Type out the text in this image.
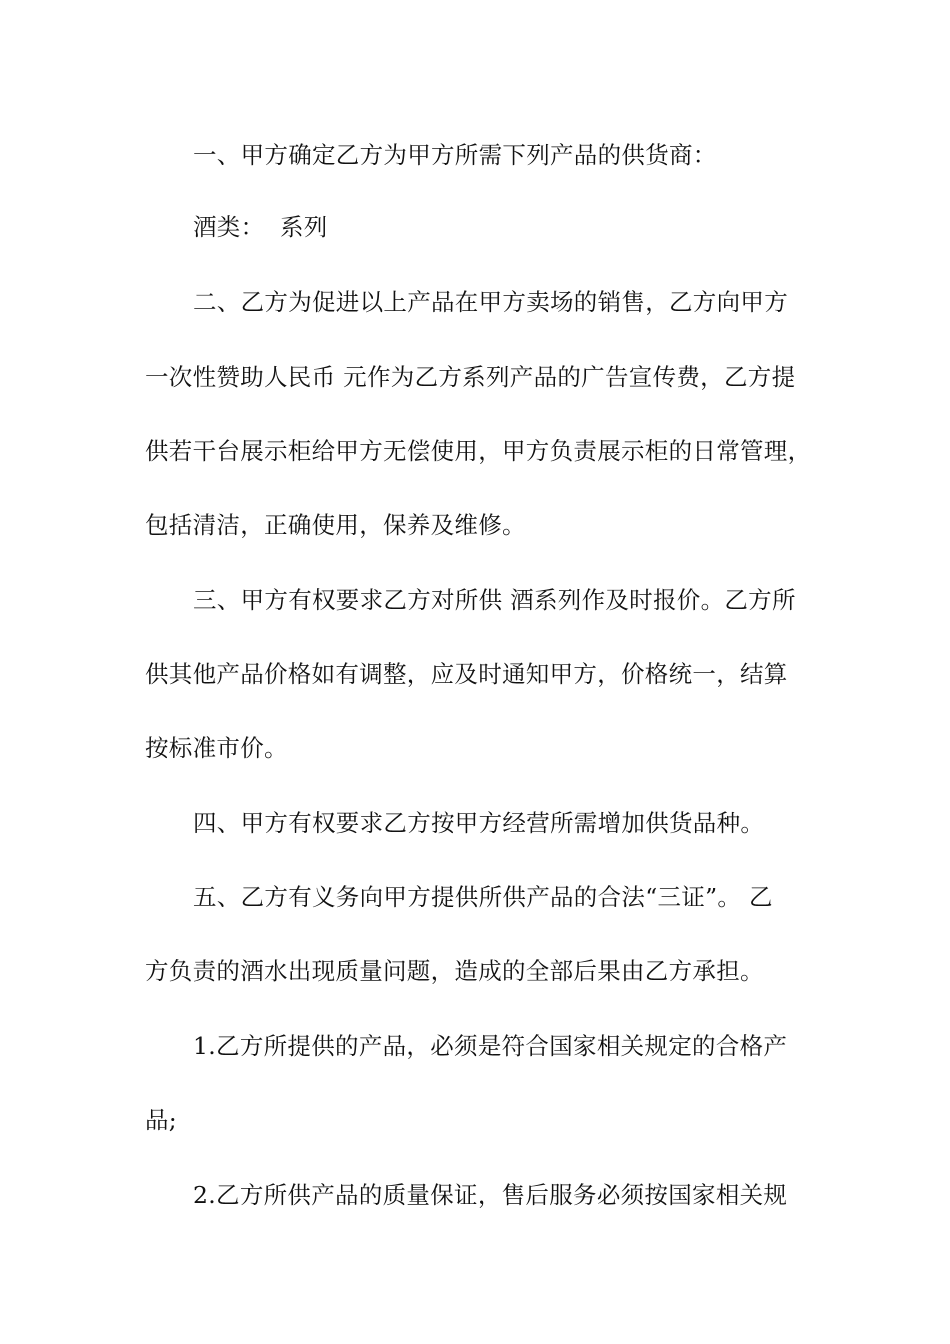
一、甲方确定乙方为甲方所需下列产品的供货商：
酒类：  系列
二、乙方为促进以上产品在甲方卖场的销售，乙方向甲方
一次性赞助人民币 元作为乙方系列产品的广告宣传费，乙方提
供若干台展示柜给甲方无偿使用，甲方负责展示柜的日常管理，
包括清洁，正确使用，保养及维修。
三、甲方有权要求乙方对所供 酒系列作及时报价。乙方所
供其他产品价格如有调整，应及时通知甲方，价格统一，结算
按标准市价。
四、甲方有权要求乙方按甲方经营所需增加供货品种。
五、乙方有义务向甲方提供所供产品的合法“三证”。 乙
方负责的酒水出现质量问题，造成的全部后果由乙方承担。
1.乙方所提供的产品，必须是符合国家相关规定的合格产
品;
2.乙方所供产品的质量保证，售后服务必须按国家相关规
